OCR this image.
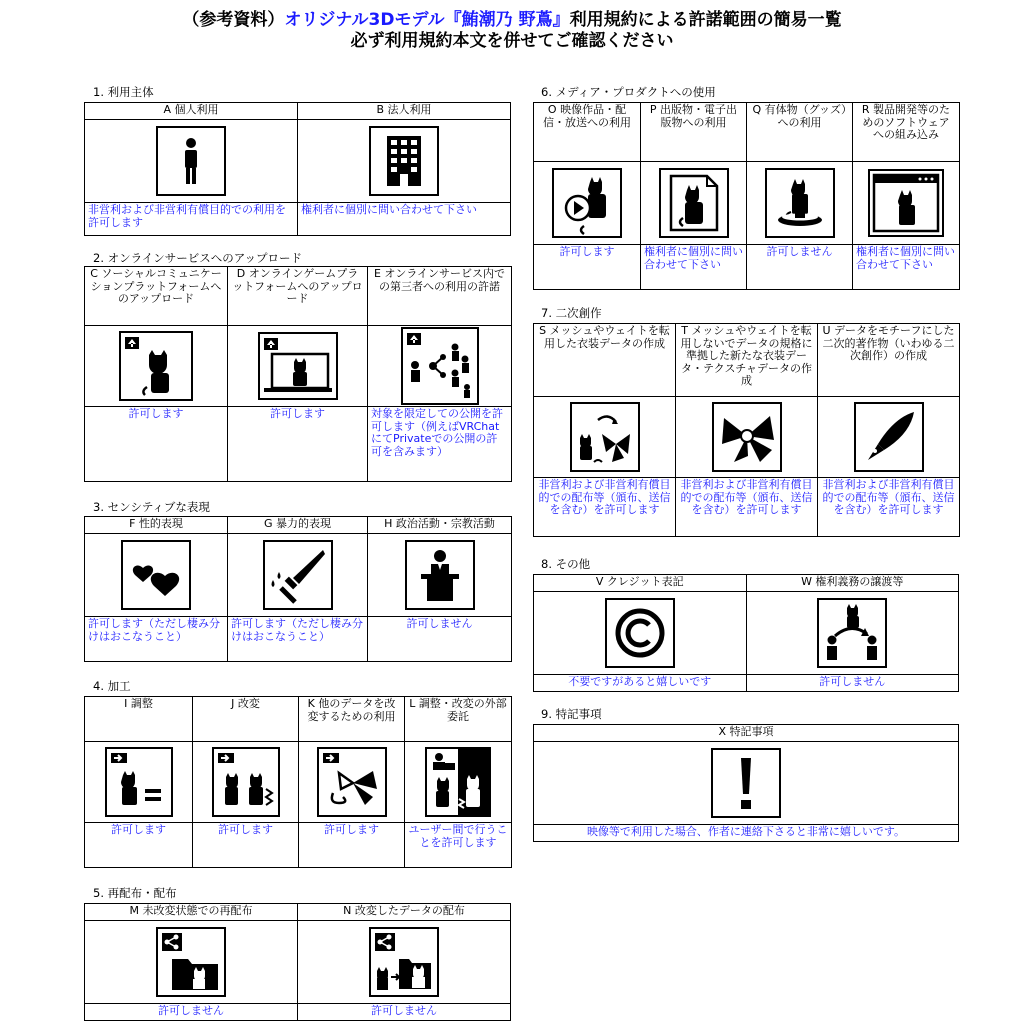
（参考資料）オリジナル3Dモデル『鮪潮乃 野蔦』利用規約による許諾範囲の簡易一覧
必ず利用規約本文を併せてご確認ください
1. 利用主体
A 個人利用	B 法人利用

非営利および非営利有償目的での利用を許可します	権利者に個別に問い合わせて下さい
2. オンラインサービスへのアップロード
C ソーシャルコミュニケーションプラットフォームへのアップロード	D オンラインゲームプラットフォームへのアップロード	E オンラインサービス内での第三者への利用の許諾

許可します	許可します	対象を限定しての公開を許可します（例えばVRChatにてPrivateでの公開の許可を含みます）
3. センシティブな表現
F 性的表現	G 暴力的表現	H 政治活動・宗教活動

許可します（ただし棲み分けはおこなうこと）	許可します（ただし棲み分けはおこなうこと）	許可しません
4. 加工
I 調整	J 改変	K 他のデータを改変するための利用	L 調整・改変の外部委託

許可します	許可します	許可します	ユーザー間で行うことを許可します
5. 再配布・配布
M 未改変状態での再配布	N 改変したデータの配布

許可しません	許可しません
6. メディア・プロダクトへの使用
O 映像作品・配信・放送への利用	P 出版物・電子出版物への利用	Q 有体物（グッズ）への利用	R 製品開発等のためのソフトウェアへの組み込み

許可します	権利者に個別に問い合わせて下さい	許可しません	権利者に個別に問い合わせて下さい
7. 二次創作
S メッシュやウェイトを転用した衣装データの作成	T メッシュやウェイトを転用しないでデータの規格に準拠した新たな衣装データ・テクスチャデータの作成	U データをモチーフにした二次的著作物（いわゆる二次創作）の作成

非営利および非営利有償目的での配布等（頒布、送信を含む）を許可します	非営利および非営利有償目的での配布等（頒布、送信を含む）を許可します	非営利および非営利有償目的での配布等（頒布、送信を含む）を許可します
8. その他
V クレジット表記	W 権利義務の譲渡等

不要ですがあると嬉しいです	許可しません
9. 特記事項
X 特記事項

映像等で利用した場合、作者に連絡下さると非常に嬉しいです。
